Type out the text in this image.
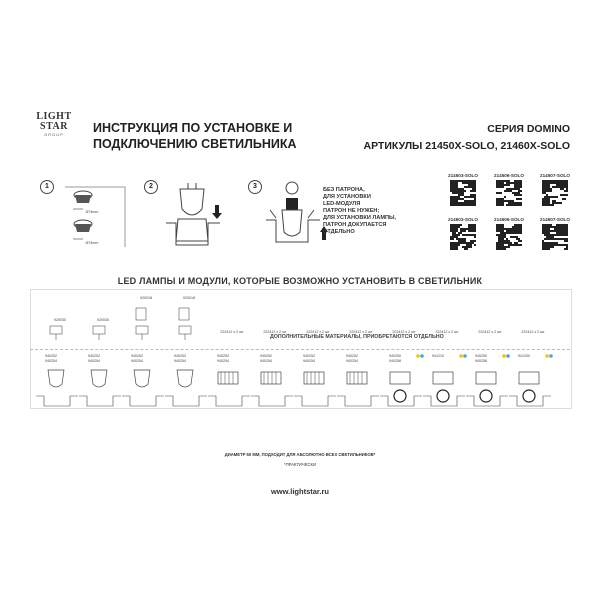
LIGHT
STAR
GROUP	ИНСТРУКЦИЯ ПО УСТАНОВКЕ И
ПОДКЛЮЧЕНИЮ СВЕТИЛЬНИКА
СЕРИЯ DOMINO
АРТИКУЛЫ 21450X-SOLO, 21460X-SOLO
1
Ø74mm
Ø74mm
2	3	БЕЗ ПАТРОНА,
ДЛЯ УСТАНОВКИ
LED-МОДУЛЯ
ПАТРОН НЕ НУЖЕН;
ДЛЯ УСТАНОВКИ ЛАМПЫ,
ПАТРОН ДОКУПАЕТСЯ
ОТДЕЛЬНО
214503-SOLO	214506-SOLO	214507-SOLO
214603-SOLO	214606-SOLO	214607-SOLO
LED ЛАМПЫ И МОДУЛИ, КОТОРЫЕ ВОЗМОЖНО УСТАНОВИТЬ В СВЕТИЛЬНИК
ДОПОЛНИТЕЛЬНЫЕ МАТЕРИАЛЫ, ПРИОБРЕТАЮТСЯ ОТДЕЛЬНО
920030
940252
940254
920030
940252
940254
920018
940252
940254
920018
940252
940254
222412 x 2 шт
940252
940254
222412 x 2 шт
940252
940254
222412 x 2 шт
940252
940254
222412 x 2 шт
940252
940254
222412 x 2 шт
940250
940258
222412 x 2 шт
941210
222412 x 2 шт
940250
940258
222412 x 2 шт
941200
ДИАМЕТР 50 ММ, ПОДХОДИТ ДЛЯ АБСОЛЮТНО ВСЕХ СВЕТИЛЬНИКОВ*
*ПРАКТИЧЕСКИ
www.lightstar.ru
